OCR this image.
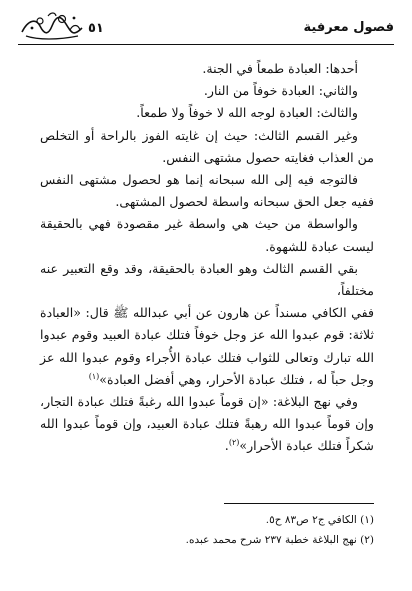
فصول معرفية
٥١

أحدها: العبادة طمعاً في الجنة.

والثاني: العبادة خوفاً من النار.

والثالث: العبادة لوجه الله لا خوفاً ولا طمعاً.

وغير القسم الثالث: حيث إن غايته الفوز بالراحة أو التخلص من العذاب فغايته حصول مشتهى النفس.

فالتوجه فيه إلى الله سبحانه إنما هو لحصول مشتهى النفس ففيه جعل الحق سبحانه واسطة لحصول المشتهى.

والواسطة من حيث هي واسطة غير مقصودة فهي بالحقيقة ليست عبادة للشهوة.

بقي القسم الثالث وهو العبادة بالحقيقة، وقد وقع التعبير عنه مختلفاً،

ففي الكافي مسنداً عن هارون عن أبي عبدالله ﷺ قال: «العبادة ثلاثة: قوم عبدوا الله عز وجل خوفاً فتلك عبادة العبيد وقوم عبدوا الله تبارك وتعالى للثواب فتلك عبادة الأُجراء وقوم عبدوا الله عز وجل حباً له ، فتلك عبادة الأحرار، وهي أفضل العبادة»$^{(١)}$

وفي نهج البلاغة: «إن قوماً عبدوا الله رغبةً فتلك عبادة التجار، وإن قوماً عبدوا الله رهبةً فتلك عبادة العبيد، وإن قوماً عبدوا الله شكراً فتلك عبادة الأحرار»$^{(٢)}$.

(١) الكافي ج٢ ص٨٣ ح٥.

(٢) نهج البلاغة خطبة ٢٣٧ شرح محمد عبده.
